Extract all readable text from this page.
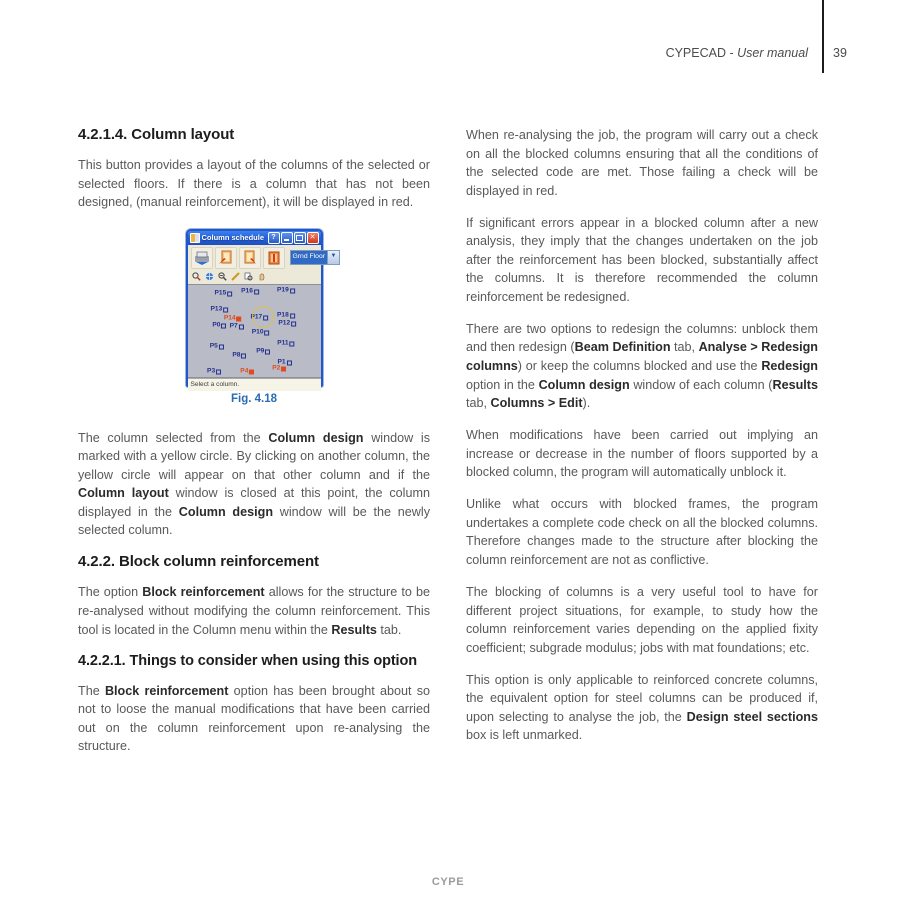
CYPECAD - User manual 39
4.2.1.4. Column layout

This button provides a layout of the columns of the selected or selected floors. If there is a column that has not been designed, (manual reinforcement), it will be displayed in red.

Column schedule	?	✕
Grnd Floor ▼
P15	P16	P19
P13
P14	P17	P18
P0	P7	P12
P10
P5
P11
P9
P8
P1
P2
P3	P4
Select a column.
Fig. 4.18

The column selected from the Column design window is marked with a yellow circle. By clicking on another column, the yellow circle will appear on that other column and if the Column layout window is closed at this point, the column displayed in the Column design window will be the newly selected column.

4.2.2. Block column reinforcement

The option Block reinforcement allows for the structure to be re-analysed without modifying the column reinforcement. This tool is located in the Column menu within the Results tab.

4.2.2.1. Things to consider when using this option

The Block reinforcement option has been brought about so not to loose the manual modifications that have been carried out on the column reinforcement upon re-analysing the structure.

When re-analysing the job, the program will carry out a check on all the blocked columns ensuring that all the conditions of the selected code are met. Those failing a check will be displayed in red.

If significant errors appear in a blocked column after a new analysis, they imply that the changes undertaken on the job after the reinforcement has been blocked, substantially affect the columns. It is therefore recommended the column reinforcement be redesigned.

There are two options to redesign the columns: unblock them and then redesign (Beam Definition tab, Analyse > Redesign columns) or keep the columns blocked and use the Redesign option in the Column design window of each column (Results tab, Columns > Edit).

When modifications have been carried out implying an increase or decrease in the number of floors supported by a blocked column, the program will automatically unblock it.

Unlike what occurs with blocked frames, the program undertakes a complete code check on all the blocked columns. Therefore changes made to the structure after blocking the column reinforcement are not as conflictive.

The blocking of columns is a very useful tool to have for different project situations, for example, to study how the column reinforcement varies depending on the applied fixity coefficient; subgrade modulus; jobs with mat foundations; etc.

This option is only applicable to reinforced concrete columns, the equivalent option for steel columns can be produced if, upon selecting to analyse the job, the Design steel sections box is left unmarked.

CYPE
